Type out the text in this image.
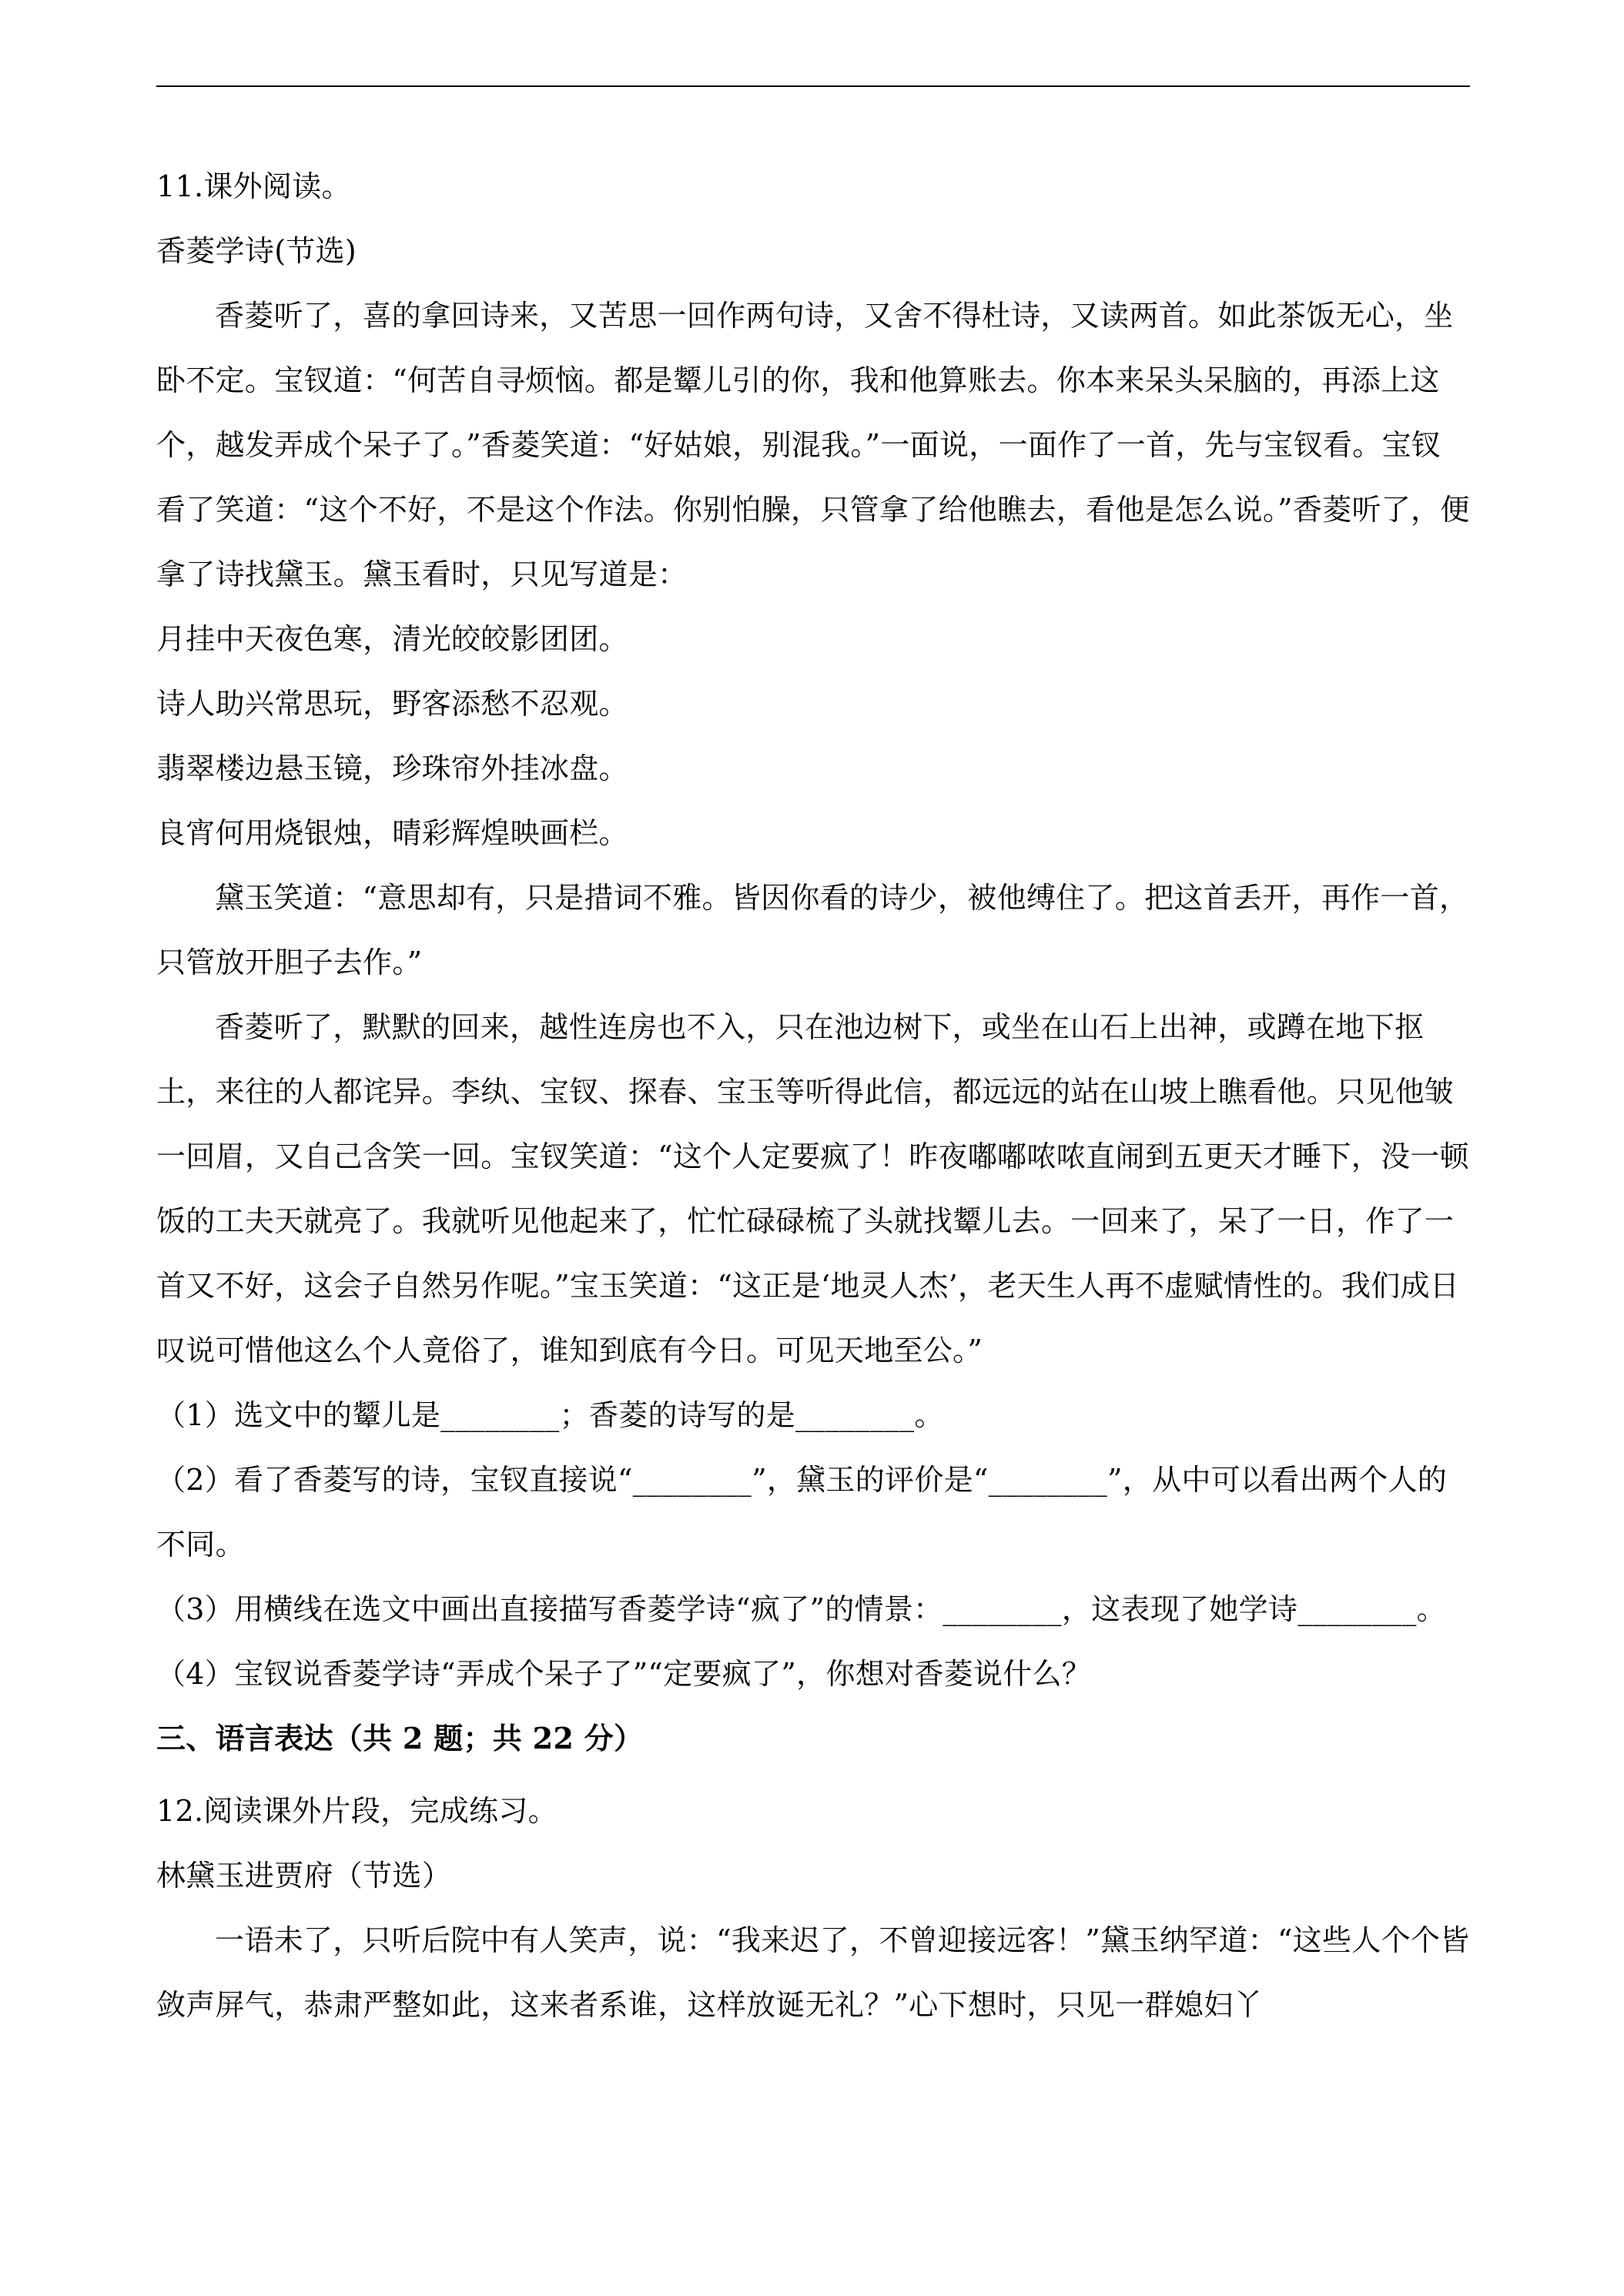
11.课外阅读。

香菱学诗(节选)

香菱听了，喜的拿回诗来，又苦思一回作两句诗，又舍不得杜诗，又读两首。如此茶饭无心，坐卧不定。宝钗道：“何苦自寻烦恼。都是颦儿引的你，我和他算账去。你本来呆头呆脑的，再添上这个，越发弄成个呆子了。”香菱笑道：“好姑娘，别混我。”一面说，一面作了一首，先与宝钗看。宝钗看了笑道：“这个不好，不是这个作法。你别怕臊，只管拿了给他瞧去，看他是怎么说。”香菱听了，便拿了诗找黛玉。黛玉看时，只见写道是：

月挂中天夜色寒，清光皎皎影团团。

诗人助兴常思玩，野客添愁不忍观。

翡翠楼边悬玉镜，珍珠帘外挂冰盘。

良宵何用烧银烛，晴彩辉煌映画栏。

黛玉笑道：“意思却有，只是措词不雅。皆因你看的诗少，被他缚住了。把这首丢开，再作一首，只管放开胆子去作。”

香菱听了，默默的回来，越性连房也不入，只在池边树下，或坐在山石上出神，或蹲在地下抠土，来往的人都诧异。李纨、宝钗、探春、宝玉等听得此信，都远远的站在山坡上瞧看他。只见他皱一回眉，又自己含笑一回。宝钗笑道：“这个人定要疯了！昨夜嘟嘟哝哝直闹到五更天才睡下，没一顿饭的工夫天就亮了。我就听见他起来了，忙忙碌碌梳了头就找颦儿去。一回来了，呆了一日，作了一首又不好，这会子自然另作呢。”宝玉笑道：“这正是‘地灵人杰’，老天生人再不虚赋情性的。我们成日叹说可惜他这么个人竟俗了，谁知到底有今日。可见天地至公。”

（1）选文中的颦儿是________；香菱的诗写的是________。

（2）看了香菱写的诗，宝钗直接说“________”，黛玉的评价是“________”，从中可以看出两个人的不同。

（3）用横线在选文中画出直接描写香菱学诗“疯了”的情景：________，这表现了她学诗________。

（4）宝钗说香菱学诗“弄成个呆子了”“定要疯了”，你想对香菱说什么？

三、语言表达（共 2 题；共 22 分）

12.阅读课外片段，完成练习。

林黛玉进贾府（节选）

一语未了，只听后院中有人笑声，说：“我来迟了，不曾迎接远客！”黛玉纳罕道：“这些人个个皆敛声屏气，恭肃严整如此，这来者系谁，这样放诞无礼？”心下想时，只见一群媳妇丫
